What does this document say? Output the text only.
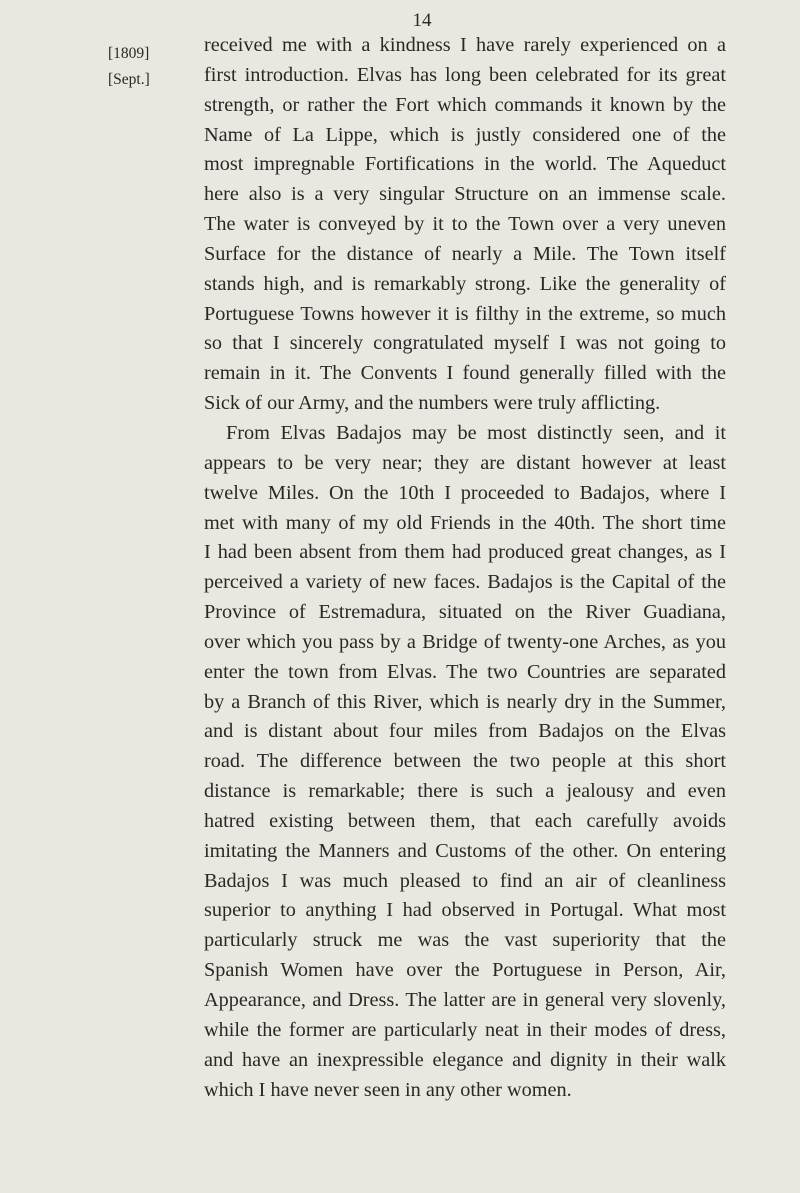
14
[1809]
[Sept.]
received me with a kindness I have rarely experienced on a
first introduction. Elvas has long been celebrated for its great
strength, or rather the Fort which commands it known by the
Name of La Lippe, which is justly considered one of the
most impregnable Fortifications in the world. The Aqueduct
here also is a very singular Structure on an immense scale.
The water is conveyed by it to the Town over a very uneven
Surface for the distance of nearly a Mile. The Town itself
stands high, and is remarkably strong. Like the generality of
Portuguese Towns however it is filthy in the extreme, so much
so that I sincerely congratulated myself I was not going to
remain in it. The Convents I found generally filled with the
Sick of our Army, and the numbers were truly afflicting.
From Elvas Badajos may be most distinctly seen, and it
appears to be very near; they are distant however at least
twelve Miles. On the 10th I proceeded to Badajos, where I
met with many of my old Friends in the 40th. The short time
I had been absent from them had produced great changes, as I
perceived a variety of new faces. Badajos is the Capital of the
Province of Estremadura, situated on the River Guadiana,
over which you pass by a Bridge of twenty-one Arches, as you
enter the town from Elvas. The two Countries are separated
by a Branch of this River, which is nearly dry in the Summer,
and is distant about four miles from Badajos on the Elvas
road. The difference between the two people at this short
distance is remarkable; there is such a jealousy and even
hatred existing between them, that each carefully avoids
imitating the Manners and Customs of the other. On entering
Badajos I was much pleased to find an air of cleanliness
superior to anything I had observed in Portugal. What most
particularly struck me was the vast superiority that the
Spanish Women have over the Portuguese in Person, Air,
Appearance, and Dress. The latter are in general very slovenly,
while the former are particularly neat in their modes of dress,
and have an inexpressible elegance and dignity in their walk
which I have never seen in any other women.
